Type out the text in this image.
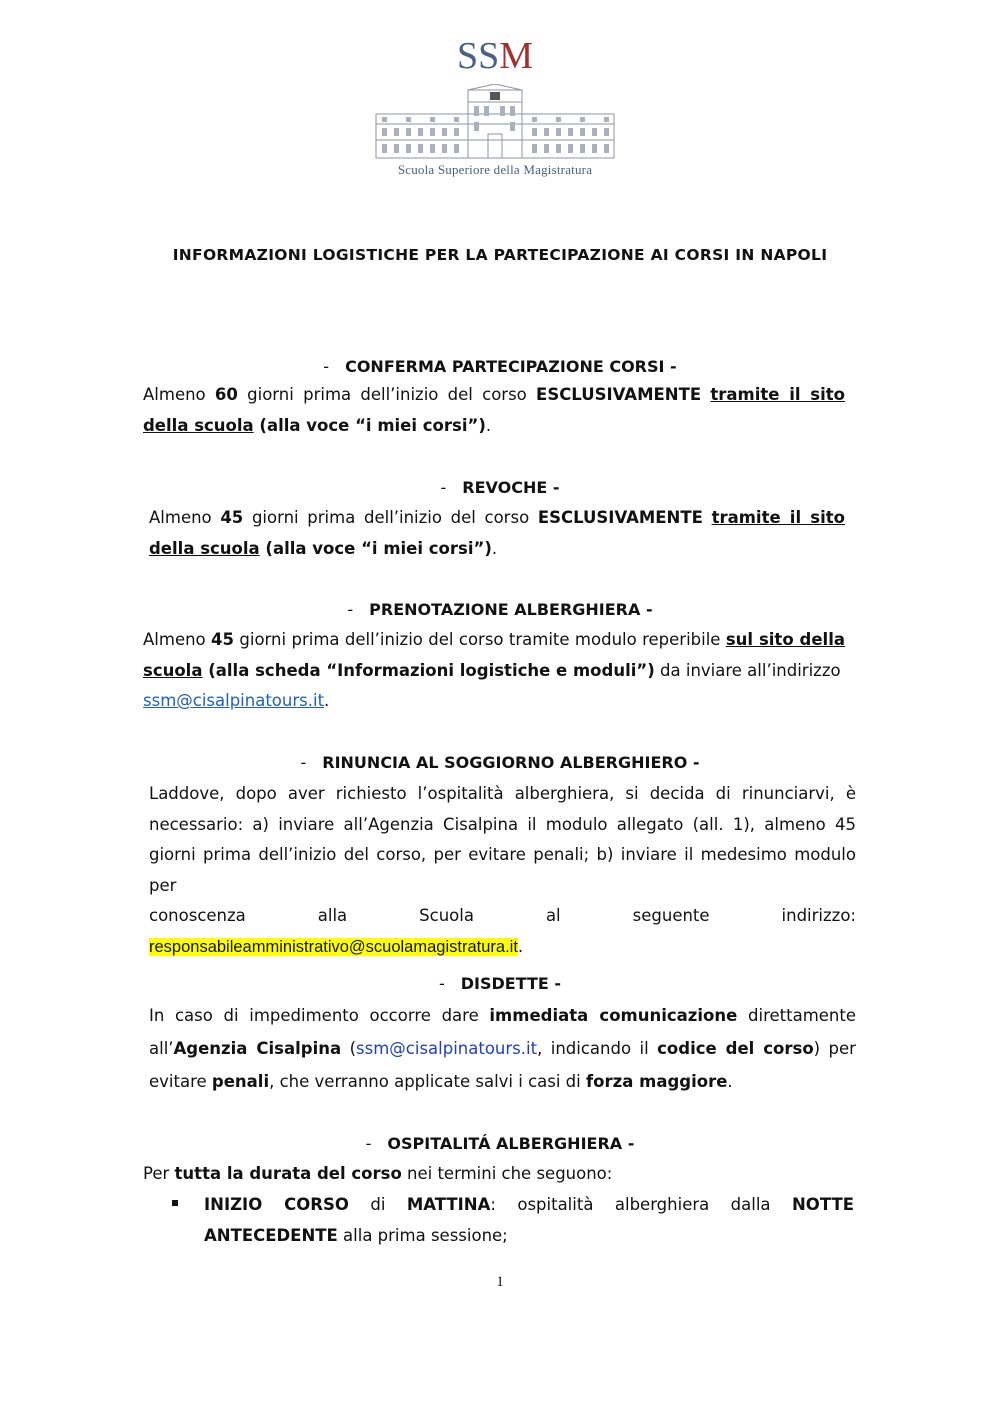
SSM
Scuola Superiore della Magistratura
INFORMAZIONI LOGISTICHE PER LA PARTECIPAZIONE AI CORSI IN NAPOLI
- CONFERMA PARTECIPAZIONE CORSI -
Almeno 60 giorni prima dell’inizio del corso ESCLUSIVAMENTE tramite il sito
della scuola (alla voce “i miei corsi”).
- REVOCHE -
Almeno 45 giorni prima dell’inizio del corso ESCLUSIVAMENTE tramite il sito
della scuola (alla voce “i miei corsi”).
- PRENOTAZIONE ALBERGHIERA -
Almeno 45 giorni prima dell’inizio del corso tramite modulo reperibile sul sito della
scuola (alla scheda “Informazioni logistiche e moduli”) da inviare all’indirizzo
ssm@cisalpinatours.it.
- RINUNCIA AL SOGGIORNO ALBERGHIERO -
Laddove, dopo aver richiesto l’ospitalità alberghiera, si decida di rinunciarvi, è necessario: a) inviare all’Agenzia Cisalpina il modulo allegato (all. 1), almeno 45 giorni prima dell’inizio del corso, per evitare penali; b) inviare il medesimo modulo per
conoscenza alla Scuola al seguente indirizzo:
responsabileamministrativo@scuolamagistratura.it.
- DISDETTE -
In caso di impedimento occorre dare immediata comunicazione direttamente all’Agenzia Cisalpina (ssm@cisalpinatours.it, indicando il codice del corso) per evitare penali, che verranno applicate salvi i casi di forza maggiore.
- OSPITALITÁ ALBERGHIERA -
Per tutta la durata del corso nei termini che seguono:
INIZIO CORSO di MATTINA: ospitalità alberghiera dalla NOTTE
ANTECEDENTE alla prima sessione;
1
